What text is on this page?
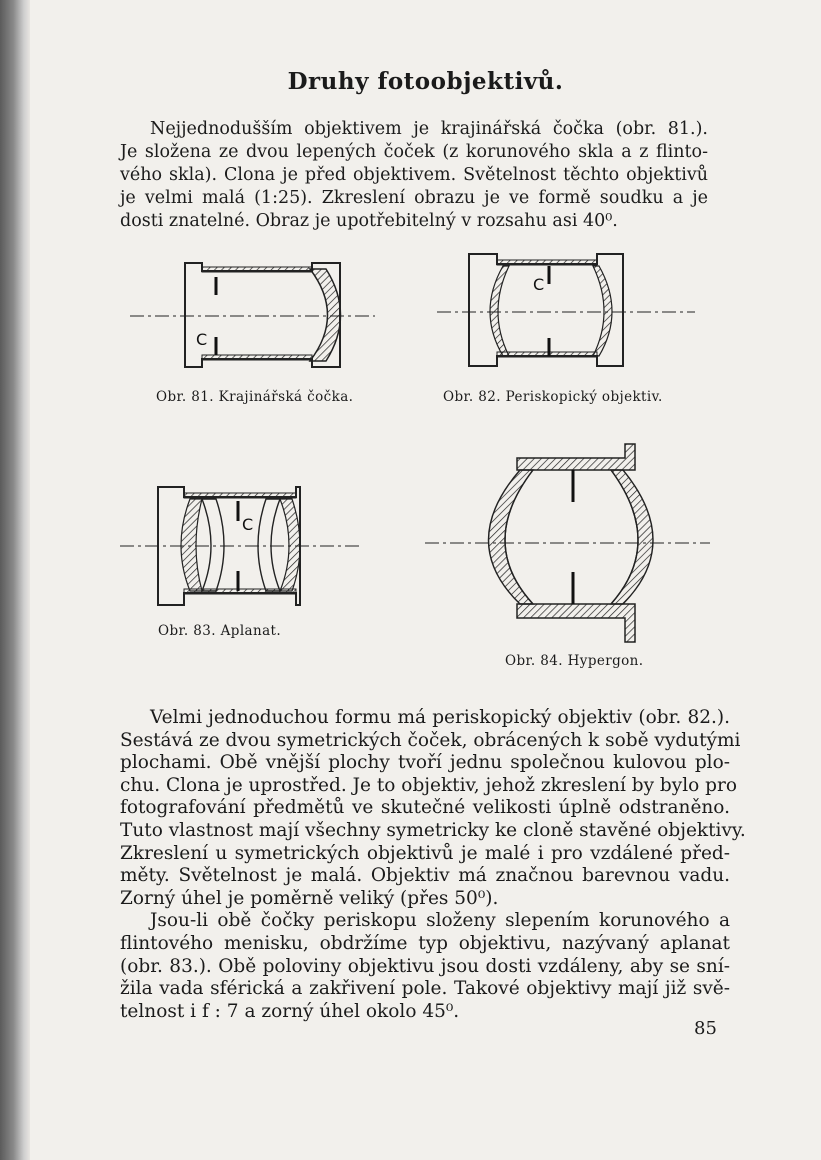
Druhy fotoobjektivů.
Nejjednodušším objektivem je krajinářská čočka (obr. 81.).
Je složena ze dvou lepených čoček (z korunového skla a z flinto-
vého skla). Clona je před objektivem. Světelnost těchto objektivů
je velmi malá (1:25). Zkreslení obrazu je ve formě soudku a je
dosti znatelné. Obraz je upotřebitelný v rozsahu asi 40⁰.
C
Obr. 81. Krajinářská čočka.
C
Obr. 82. Periskopický objektiv.
C
Obr. 83. Aplanat.
Obr. 84. Hypergon.
Velmi jednoduchou formu má periskopický objektiv (obr. 82.).
Sestává ze dvou symetrických čoček, obrácených k sobě vydutými
plochami. Obě vnější plochy tvoří jednu společnou kulovou plo-
chu. Clona je uprostřed. Je to objektiv, jehož zkreslení by bylo pro
fotografování předmětů ve skutečné velikosti úplně odstraněno.
Tuto vlastnost mají všechny symetricky ke cloně stavěné objektivy.
Zkreslení u symetrických objektivů je malé i pro vzdálené před-
měty. Světelnost je malá. Objektiv má značnou barevnou vadu.
Zorný úhel je poměrně veliký (přes 50⁰).
Jsou-li obě čočky periskopu složeny slepením korunového a
flintového menisku, obdržíme typ objektivu, nazývaný aplanat
(obr. 83.). Obě poloviny objektivu jsou dosti vzdáleny, aby se sní-
žila vada sférická a zakřivení pole. Takové objektivy mají již svě-
telnost i f : 7 a zorný úhel okolo 45⁰.
85
